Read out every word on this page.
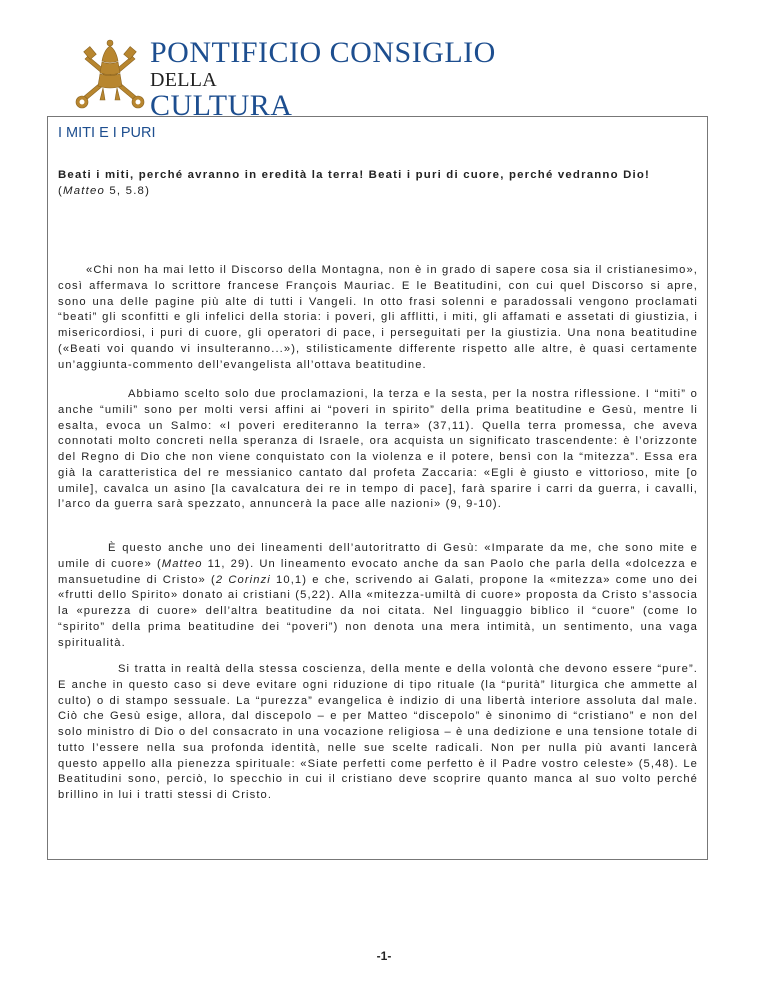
PONTIFICIO CONSIGLIO
DELLA
CULTURA
I MITI E I PURI

Beati i miti, perché avranno in eredità la terra! Beati i puri di cuore, perché vedranno Dio! (Matteo 5, 5.8)

«Chi non ha mai letto il Discorso della Montagna, non è in grado di sapere cosa sia il cristianesimo», così affermava lo scrittore francese François Mauriac. E le Beatitudini, con cui quel Discorso si apre, sono una delle pagine più alte di tutti i Vangeli. In otto frasi solenni e paradossali vengono proclamati “beati” gli sconfitti e gli infelici della storia: i poveri, gli afflitti, i miti, gli affamati e assetati di giustizia, i misericordiosi, i puri di cuore, gli operatori di pace, i perseguitati per la giustizia. Una nona beatitudine («Beati voi quando vi insulteranno...»), stilisticamente differente rispetto alle altre, è quasi certamente un’aggiunta-commento dell’evangelista all’ottava beatitudine.

Abbiamo scelto solo due proclamazioni, la terza e la sesta, per la nostra riflessione. I “miti” o anche “umili” sono per molti versi affini ai “poveri in spirito” della prima beatitudine e Gesù, mentre li esalta, evoca un Salmo: «I poveri erediteranno la terra» (37,11). Quella terra promessa, che aveva connotati molto concreti nella speranza di Israele, ora acquista un significato trascendente: è l’orizzonte del Regno di Dio che non viene conquistato con la violenza e il potere, bensì con la “mitezza”. Essa era già la caratteristica del re messianico cantato dal profeta Zaccaria: «Egli è giusto e vittorioso, mite [o umile], cavalca un asino [la cavalcatura dei re in tempo di pace], farà sparire i carri da guerra, i cavalli, l’arco da guerra sarà spezzato, annuncerà la pace alle nazioni» (9, 9-10).

È questo anche uno dei lineamenti dell’autoritratto di Gesù: «Imparate da me, che sono mite e umile di cuore» (Matteo 11, 29). Un lineamento evocato anche da san Paolo che parla della «dolcezza e mansuetudine di Cristo» (2 Corinzi 10,1) e che, scrivendo ai Galati, propone la «mitezza» come uno dei «frutti dello Spirito» donato ai cristiani (5,22). Alla «mitezza-umiltà di cuore» proposta da Cristo s’associa la «purezza di cuore» dell’altra beatitudine da noi citata. Nel linguaggio biblico il “cuore” (come lo “spirito” della prima beatitudine dei “poveri”) non denota una mera intimità, un sentimento, una vaga spiritualità.

Si tratta in realtà della stessa coscienza, della mente e della volontà che devono essere “pure”. E anche in questo caso si deve evitare ogni riduzione di tipo rituale (la “purità” liturgica che ammette al culto) o di stampo sessuale. La “purezza” evangelica è indizio di una libertà interiore assoluta dal male. Ciò che Gesù esige, allora, dal discepolo – e per Matteo “discepolo” è sinonimo di “cristiano” e non del solo ministro di Dio o del consacrato in una vocazione religiosa – è una dedizione e una tensione totale di tutto l’essere nella sua profonda identità, nelle sue scelte radicali. Non per nulla più avanti lancerà questo appello alla pienezza spirituale: «Siate perfetti come perfetto è il Padre vostro celeste» (5,48). Le Beatitudini sono, perciò, lo specchio in cui il cristiano deve scoprire quanto manca al suo volto perché brillino in lui i tratti stessi di Cristo.

-1-
